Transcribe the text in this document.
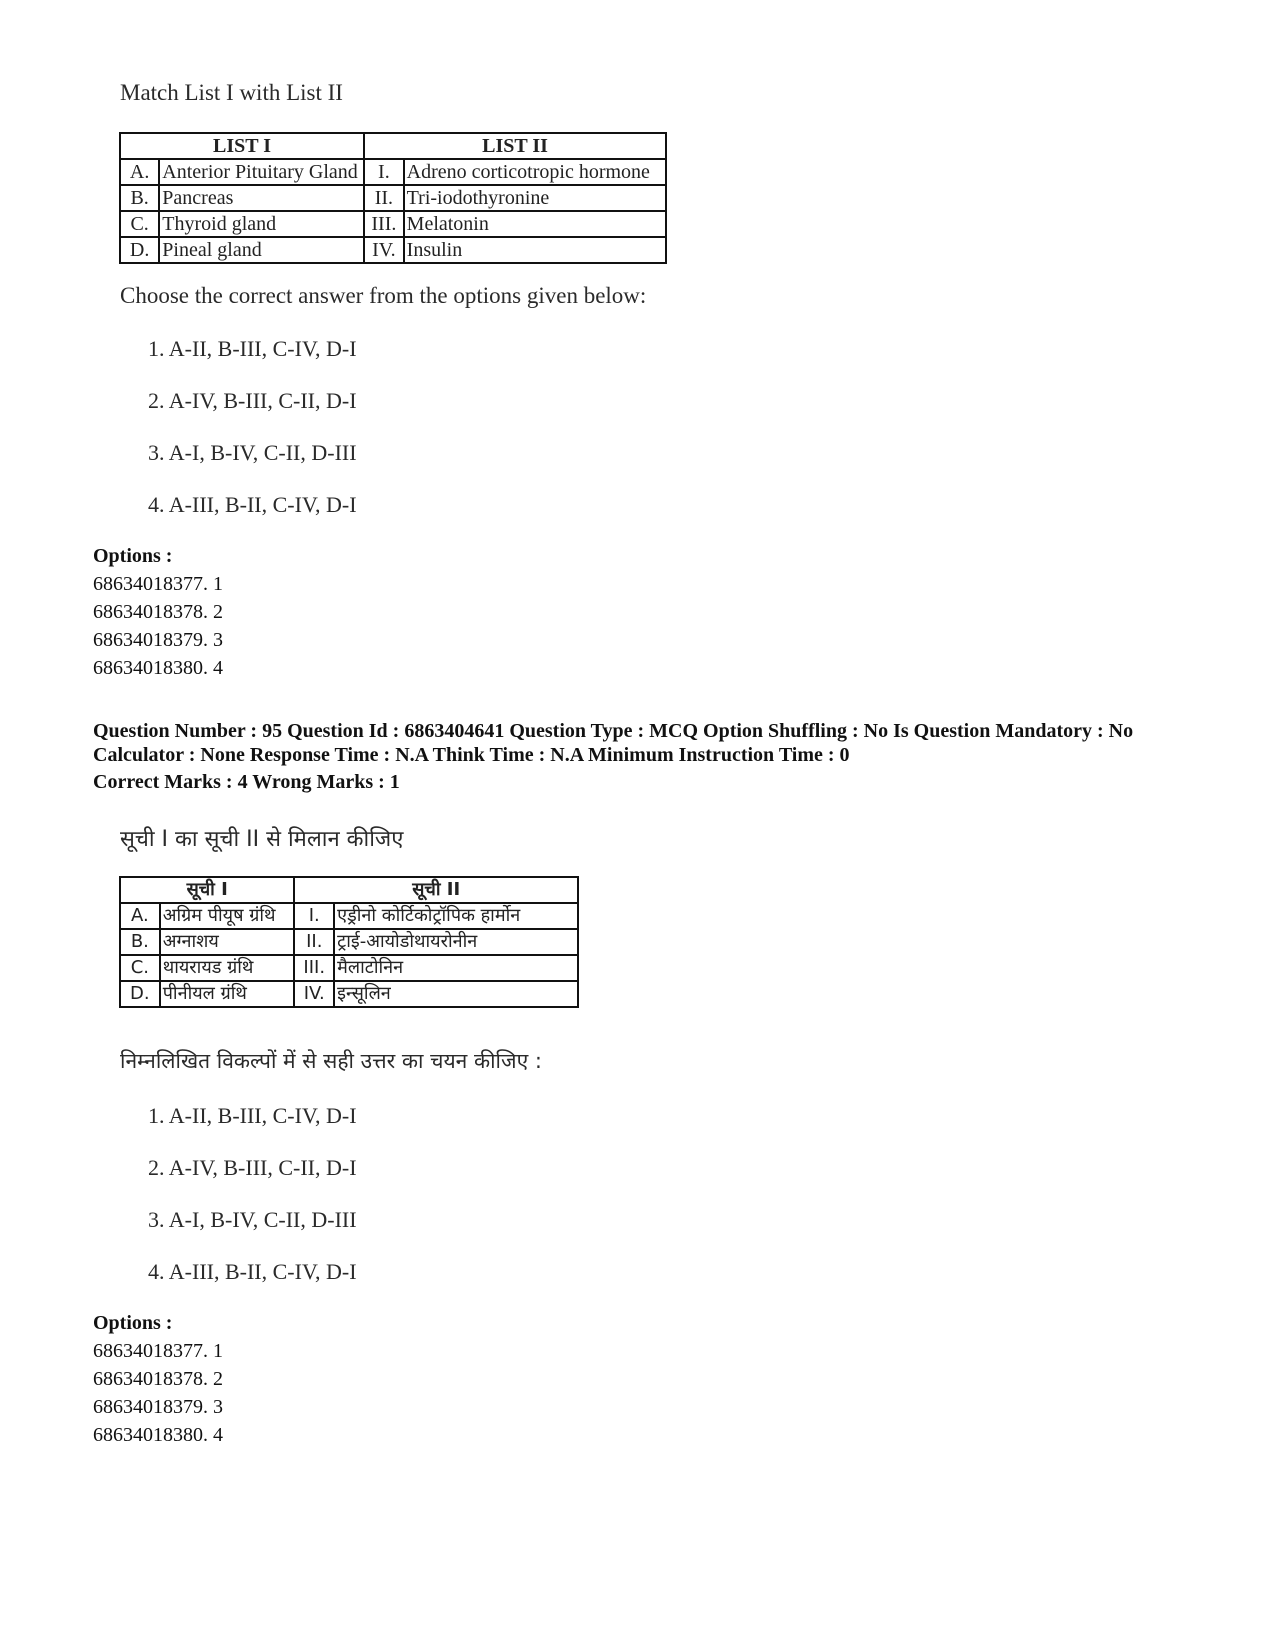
Match List I with List II
LIST I		LIST II	
A.	Anterior Pituitary Gland	I.	Adreno corticotropic hormone
B.	Pancreas	II.	Tri-iodothyronine
C.	Thyroid gland	III.	Melatonin
D.	Pineal gland	IV.	Insulin
Choose the correct answer from the options given below:
1. A-II, B-III, C-IV, D-I
2. A-IV, B-III, C-II, D-I
3. A-I, B-IV, C-II, D-III
4. A-III, B-II, C-IV, D-I
Options :
68634018377. 1
68634018378. 2
68634018379. 3
68634018380. 4
Question Number : 95 Question Id : 6863404641 Question Type : MCQ Option Shuffling : No Is Question Mandatory : No Calculator : None Response Time : N.A Think Time : N.A Minimum Instruction Time : 0
Correct Marks : 4 Wrong Marks : 1
सूची I का सूची II से मिलान कीजिए
सूची I		सूची II	
A.	अग्रिम पीयूष ग्रंथि	I.	एड्रीनो कोर्टिकोट्रॉपिक हार्मोन
B.	अग्नाशय	II.	ट्राई-आयोडोथायरोनीन
C.	थायरायड ग्रंथि	III.	मैलाटोनिन
D.	पीनीयल ग्रंथि	IV.	इन्सूलिन
निम्नलिखित विकल्पों में से सही उत्तर का चयन कीजिए :
1. A-II, B-III, C-IV, D-I
2. A-IV, B-III, C-II, D-I
3. A-I, B-IV, C-II, D-III
4. A-III, B-II, C-IV, D-I
Options :
68634018377. 1
68634018378. 2
68634018379. 3
68634018380. 4
